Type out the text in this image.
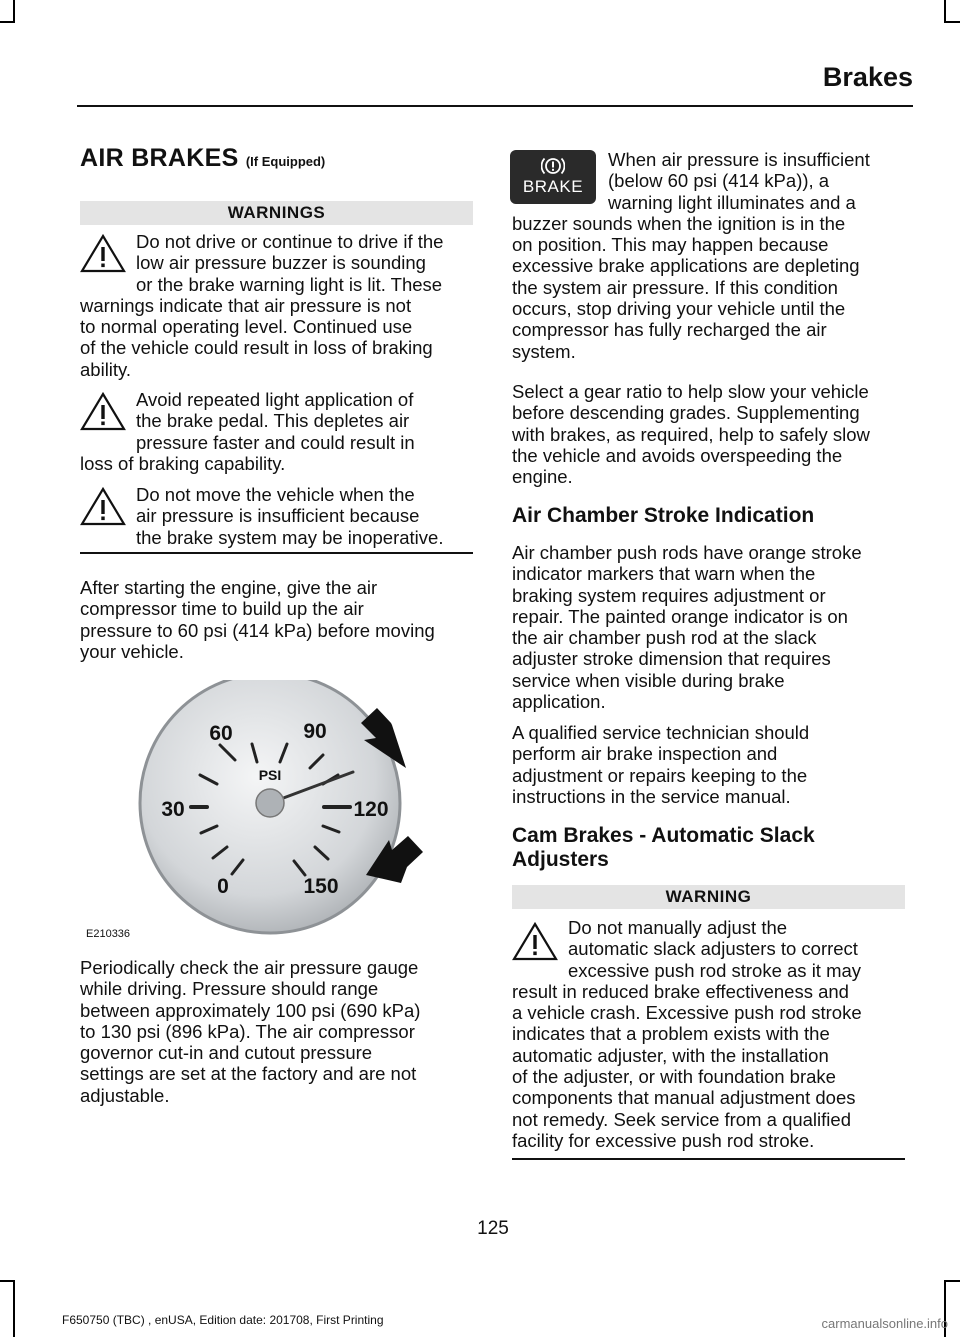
Brakes
AIR BRAKES (If Equipped)
WARNINGS

Do not drive or continue to drive if the

low air pressure buzzer is sounding

or the brake warning light is lit. These

warnings indicate that air pressure is not

to normal operating level. Continued use

of the vehicle could result in loss of braking

ability.

Avoid repeated light application of

the brake pedal. This depletes air

pressure faster and could result in

loss of braking capability.

Do not move the vehicle when the

air pressure is insufficient because

the brake system may be inoperative.

After starting the engine, give the air

compressor time to build up the air

pressure to 60 psi (414 kPa) before moving

your vehicle.

0
30
60	90
120
150
PSI
E210336

Periodically check the air pressure gauge

while driving. Pressure should range

between approximately 100 psi (690 kPa)

to 130 psi (896 kPa). The air compressor

governor cut-in and cutout pressure

settings are set at the factory and are not

adjustable.

BRAKE

When air pressure is insufficient

(below 60 psi (414 kPa)), a

warning light illuminates and a

buzzer sounds when the ignition is in the

on position. This may happen because

excessive brake applications are depleting

the system air pressure. If this condition

occurs, stop driving your vehicle until the

compressor has fully recharged the air

system.

Select a gear ratio to help slow your vehicle

before descending grades. Supplementing

with brakes, as required, help to safely slow

the vehicle and avoids overspeeding the

engine.

Air Chamber Stroke Indication

Air chamber push rods have orange stroke

indicator markers that warn when the

braking system requires adjustment or

repair. The painted orange indicator is on

the air chamber push rod at the slack

adjuster stroke dimension that requires

service when visible during brake

application.

A qualified service technician should

perform air brake inspection and

adjustment or repairs keeping to the

instructions in the service manual.

Cam Brakes - Automatic Slack
Adjusters
WARNING

Do not manually adjust the

automatic slack adjusters to correct

excessive push rod stroke as it may

result in reduced brake effectiveness and

a vehicle crash. Excessive push rod stroke

indicates that a problem exists with the

automatic adjuster, with the installation

of the adjuster, or with foundation brake

components that manual adjustment does

not remedy. Seek service from a qualified

facility for excessive push rod stroke.

125
F650750 (TBC) , enUSA, Edition date: 201708, First Printing	carmanualsonline.info
